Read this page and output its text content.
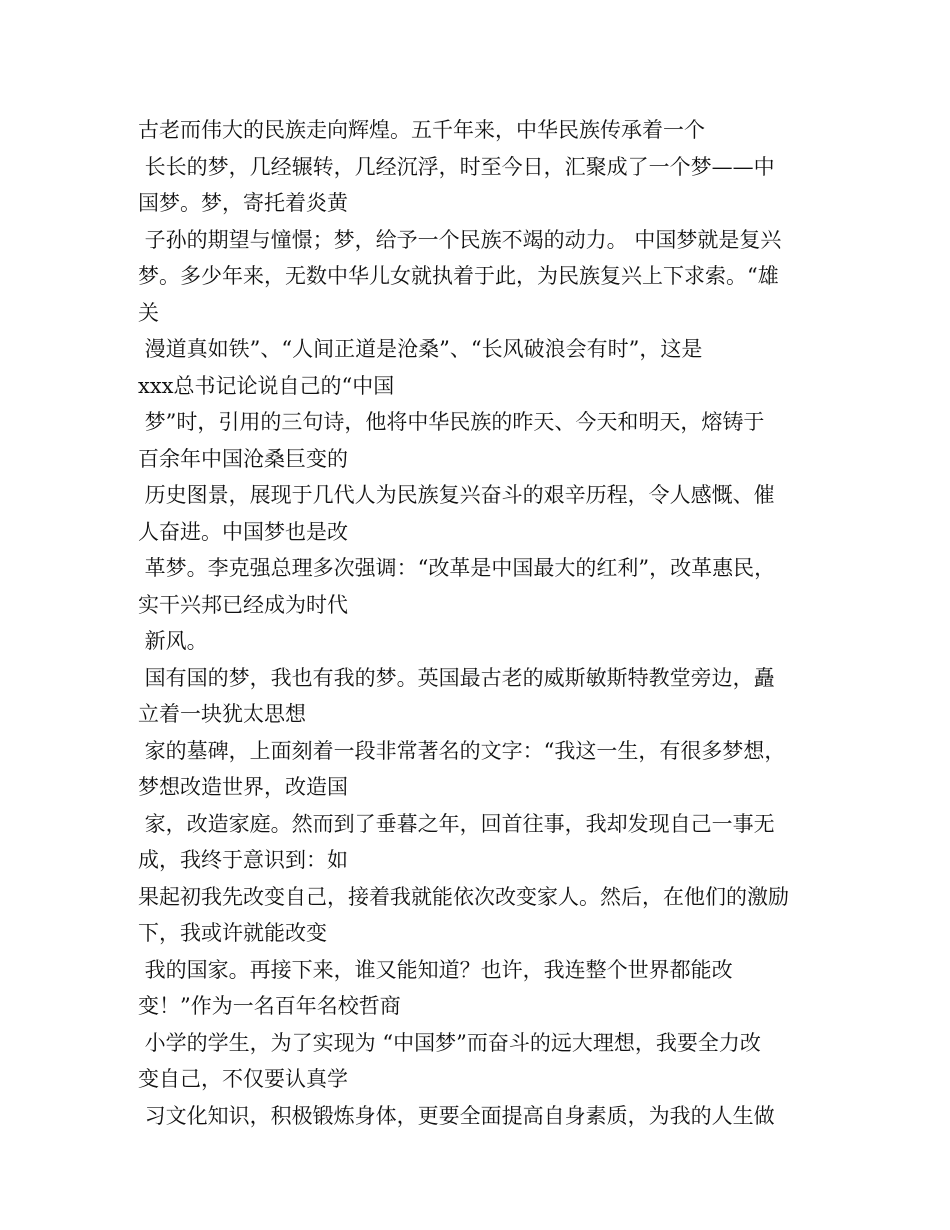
古老而伟大的民族走向辉煌。五千年来，中华民族传承着一个
长长的梦，几经辗转，几经沉浮，时至今日，汇聚成了一个梦——中
国梦。梦，寄托着炎黄
子孙的期望与憧憬；梦，给予一个民族不竭的动力。 中国梦就是复兴
梦。多少年来，无数中华儿女就执着于此，为民族复兴上下求索。“雄
关
漫道真如铁”、“人间正道是沧桑”、“长风破浪会有时”，这是
xxx总书记论说自己的“中国
梦”时，引用的三句诗，他将中华民族的昨天、今天和明天，熔铸于
百余年中国沧桑巨变的
历史图景，展现于几代人为民族复兴奋斗的艰辛历程，令人感慨、催
人奋进。中国梦也是改
革梦。李克强总理多次强调：“改革是中国最大的红利”，改革惠民，
实干兴邦已经成为时代
新风。
国有国的梦，我也有我的梦。英国最古老的威斯敏斯特教堂旁边，矗
立着一块犹太思想
家的墓碑，上面刻着一段非常著名的文字：“我这一生，有很多梦想，
梦想改造世界，改造国
家，改造家庭。然而到了垂暮之年，回首往事，我却发现自己一事无
成，我终于意识到：如
果起初我先改变自己，接着我就能依次改变家人。然后，在他们的激励
下，我或许就能改变
我的国家。再接下来，谁又能知道？也许，我连整个世界都能改
变！”作为一名百年名校哲商
小学的学生，为了实现为 “中国梦”而奋斗的远大理想，我要全力改
变自己，不仅要认真学
习文化知识，积极锻炼身体，更要全面提高自身素质，为我的人生做
